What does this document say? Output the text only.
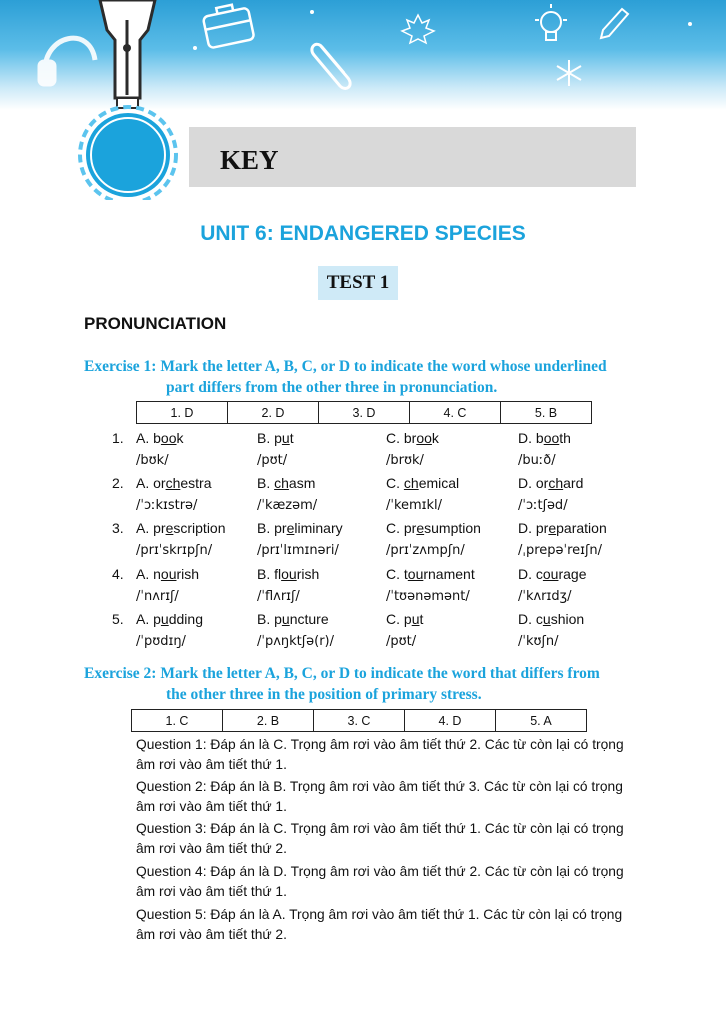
KEY
UNIT 6: ENDANGERED SPECIES
TEST 1
PRONUNCIATION
Exercise 1: Mark the letter A, B, C, or D to indicate the word whose underlined
part differs from the other three in pronunciation.
1. D	2. D	3. D	4. C	5. B
1. A. book
/bʊk/
B. put
/pʊt/
C. brook
/brʊk/
D. booth
/buːð/
2. A. orchestra
/ˈɔːkɪstrə/
B. chasm
/ˈkæzəm/
C. chemical
/ˈkemɪkl/
D. orchard
/ˈɔːtʃəd/
3. A. prescription
/prɪˈskrɪpʃn/
B. preliminary
/prɪˈlɪmɪnəri/
C. presumption
/prɪˈzʌmpʃn/
D. preparation
/ˌprepəˈreɪʃn/
4. A. nourish
/ˈnʌrɪʃ/
B. flourish
/ˈflʌrɪʃ/
C. tournament
/ˈtʊənəmənt/
D. courage
/ˈkʌrɪdʒ/
5. A. pudding
/ˈpʊdɪŋ/
B. puncture
/ˈpʌŋktʃə(r)/
C. put
/pʊt/
D. cushion
/ˈkʊʃn/
Exercise 2: Mark the letter A, B, C, or D to indicate the word that differs from
the other three in the position of primary stress.
1. C	2. B	3. C	4. D	5. A
Question 1: Đáp án là C. Trọng âm rơi vào âm tiết thứ 2. Các từ còn lại có trọng âm rơi vào âm tiết thứ 1.
Question 2: Đáp án là B. Trọng âm rơi vào âm tiết thứ 3. Các từ còn lại có trọng âm rơi vào âm tiết thứ 1.
Question 3: Đáp án là C. Trọng âm rơi vào âm tiết thứ 1. Các từ còn lại có trọng âm rơi vào âm tiết thứ 2.
Question 4: Đáp án là D. Trọng âm rơi vào âm tiết thứ 2. Các từ còn lại có trọng âm rơi vào âm tiết thứ 1.
Question 5: Đáp án là A. Trọng âm rơi vào âm tiết thứ 1. Các từ còn lại có trọng âm rơi vào âm tiết thứ 2.
